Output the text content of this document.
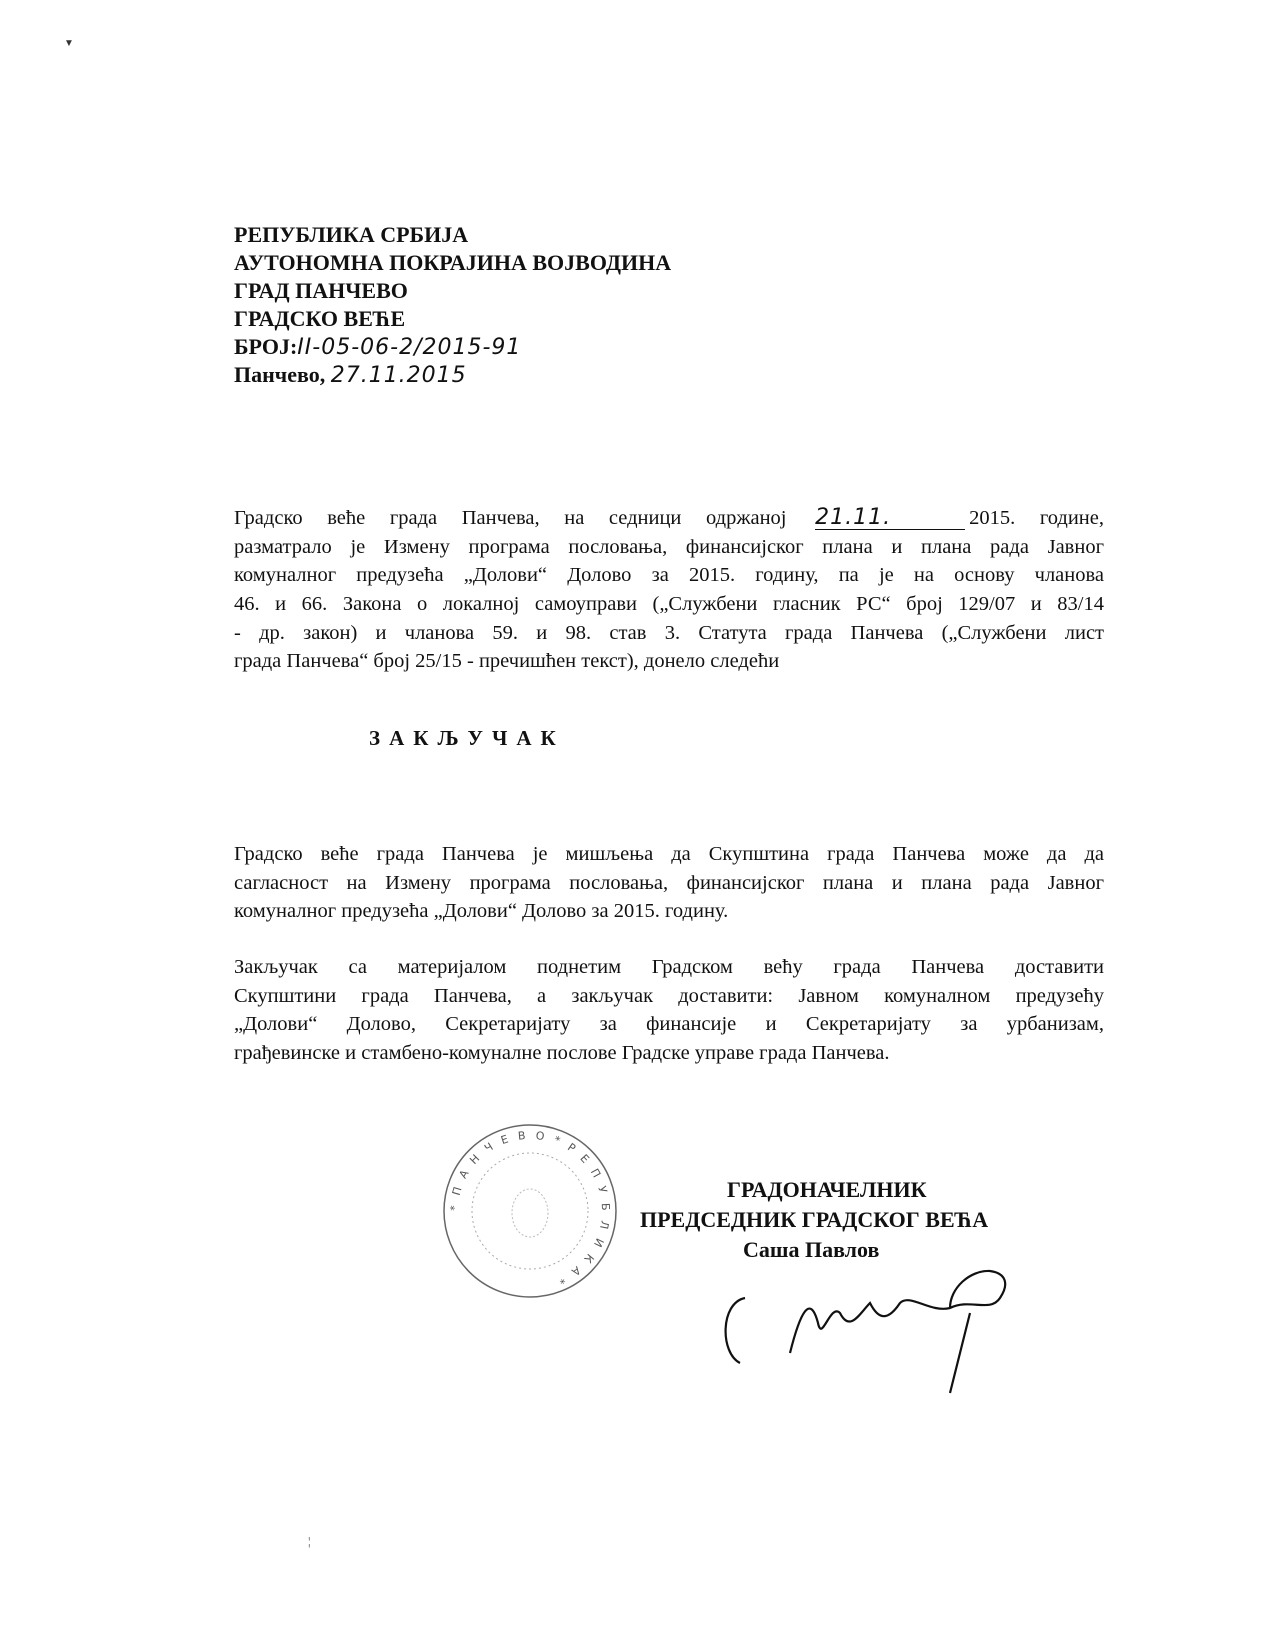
▼
РЕПУБЛИКА СРБИЈА
АУТОНОМНА ПОКРАЈИНА ВОЈВОДИНА
ГРАД ПАНЧЕВО
ГРАДСКО ВЕЋЕ
БРОЈ:II-05-06-2/2015-91
Панчево, 27.11.2015
Градско веће града Панчева, на седници одржаној 21.11.	2015. године,
разматрало је Измену програма пословања, финансијског плана и плана рада Јавног
комуналног предузећа „Долови“ Долово за 2015. годину, па је на основу чланова
46. и 66. Закона о локалној самоуправи („Службени гласник РС“ број 129/07 и 83/14
- др. закон) и чланова 59. и 98. став 3. Статута града Панчева („Службени лист
града Панчева“ број 25/15 - пречишћен текст), донело следећи
ЗАКЉУЧАК
Градско веће града Панчева је мишљења да Скупштина града Панчева може да да
сагласност на Измену програма пословања, финансијског плана и плана рада Јавног
комуналног предузећа „Долови“ Долово за 2015. годину.
Закључак са материјалом поднетим Градском већу града Панчева доставити
Скупштини града Панчева, а закључак доставити: Јавном комуналном предузећу
„Долови“ Долово, Секретаријату за финансије и Секретаријату за урбанизам,
грађевинске и стамбено-комуналне послове Градске управе града Панчева.
* П А Н Ч Е В О * Р Е П У Б Л И К А *
ГРАДОНАЧЕЛНИК
ПРЕДСЕДНИК ГРАДСКОГ ВЕЋА
Саша Павлов
¦
